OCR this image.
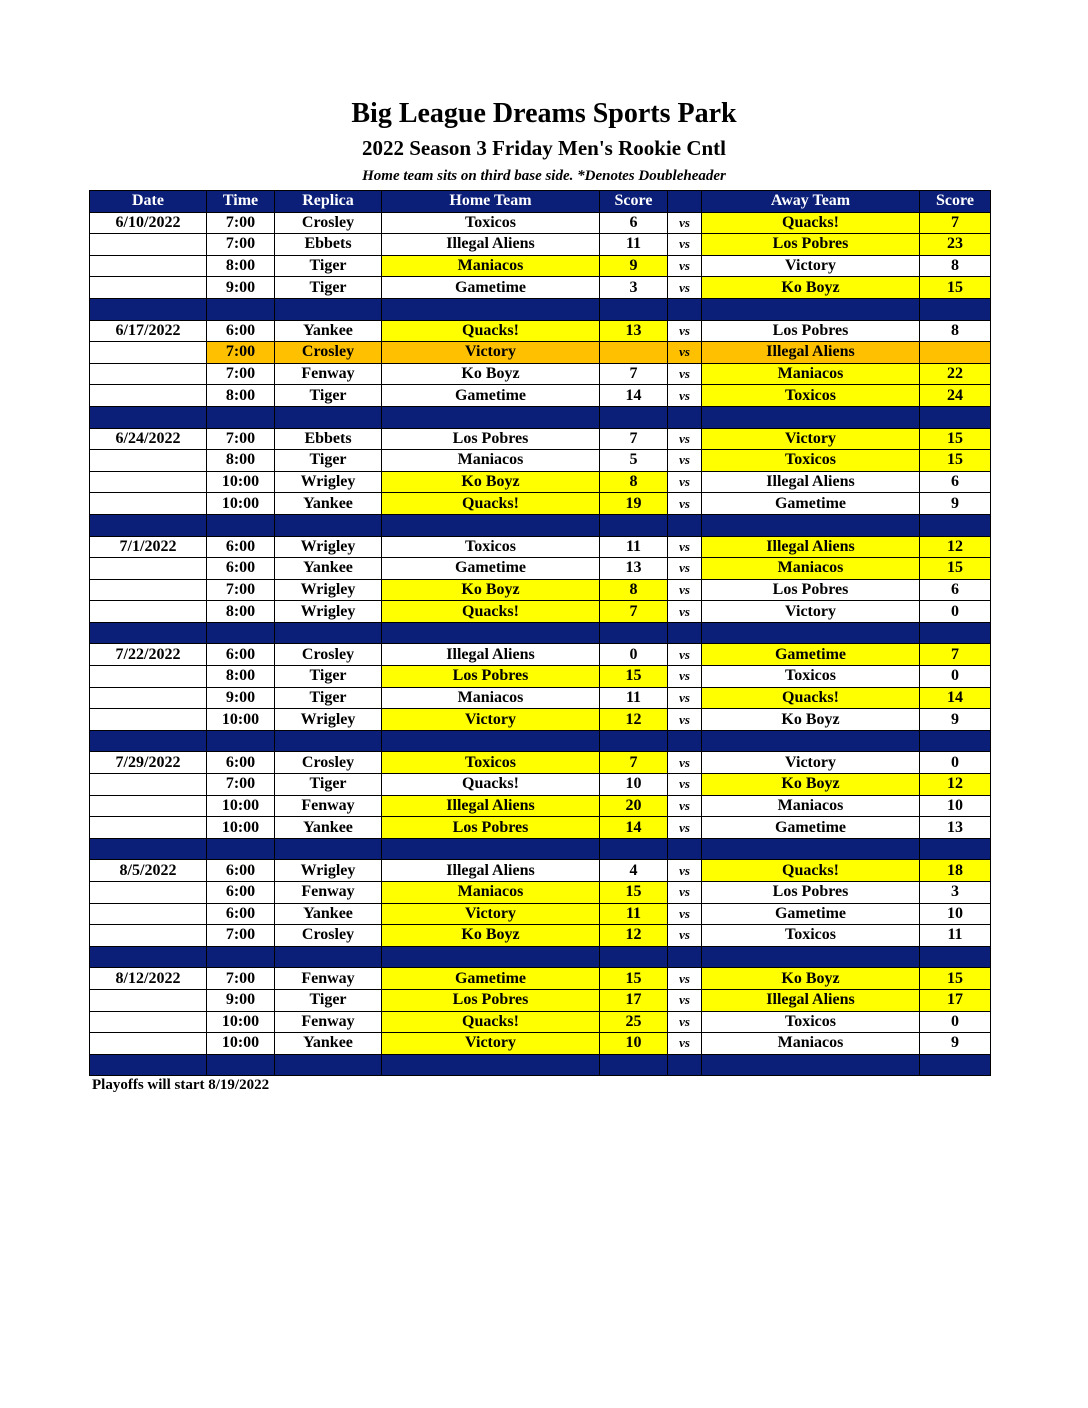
Big League Dreams Sports Park
2022 Season 3 Friday Men's Rookie Cntl
Home team sits on third base side. *Denotes Doubleheader
Date	Time	Replica	Home Team	Score		Away Team	Score
6/10/2022	7:00	Crosley	Toxicos	6	vs	Quacks!	7
	7:00	Ebbets	Illegal Aliens	11	vs	Los Pobres	23
	8:00	Tiger	Maniacos	9	vs	Victory	8
	9:00	Tiger	Gametime	3	vs	Ko Boyz	15

6/17/2022	6:00	Yankee	Quacks!	13	vs	Los Pobres	8
	7:00	Crosley	Victory		vs	Illegal Aliens	
	7:00	Fenway	Ko Boyz	7	vs	Maniacos	22
	8:00	Tiger	Gametime	14	vs	Toxicos	24

6/24/2022	7:00	Ebbets	Los Pobres	7	vs	Victory	15
	8:00	Tiger	Maniacos	5	vs	Toxicos	15
	10:00	Wrigley	Ko Boyz	8	vs	Illegal Aliens	6
	10:00	Yankee	Quacks!	19	vs	Gametime	9

7/1/2022	6:00	Wrigley	Toxicos	11	vs	Illegal Aliens	12
	6:00	Yankee	Gametime	13	vs	Maniacos	15
	7:00	Wrigley	Ko Boyz	8	vs	Los Pobres	6
	8:00	Wrigley	Quacks!	7	vs	Victory	0

7/22/2022	6:00	Crosley	Illegal Aliens	0	vs	Gametime	7
	8:00	Tiger	Los Pobres	15	vs	Toxicos	0
	9:00	Tiger	Maniacos	11	vs	Quacks!	14
	10:00	Wrigley	Victory	12	vs	Ko Boyz	9

7/29/2022	6:00	Crosley	Toxicos	7	vs	Victory	0
	7:00	Tiger	Quacks!	10	vs	Ko Boyz	12
	10:00	Fenway	Illegal Aliens	20	vs	Maniacos	10
	10:00	Yankee	Los Pobres	14	vs	Gametime	13

8/5/2022	6:00	Wrigley	Illegal Aliens	4	vs	Quacks!	18
	6:00	Fenway	Maniacos	15	vs	Los Pobres	3
	6:00	Yankee	Victory	11	vs	Gametime	10
	7:00	Crosley	Ko Boyz	12	vs	Toxicos	11

8/12/2022	7:00	Fenway	Gametime	15	vs	Ko Boyz	15
	9:00	Tiger	Los Pobres	17	vs	Illegal Aliens	17
	10:00	Fenway	Quacks!	25	vs	Toxicos	0
	10:00	Yankee	Victory	10	vs	Maniacos	9

Playoffs will start 8/19/2022
